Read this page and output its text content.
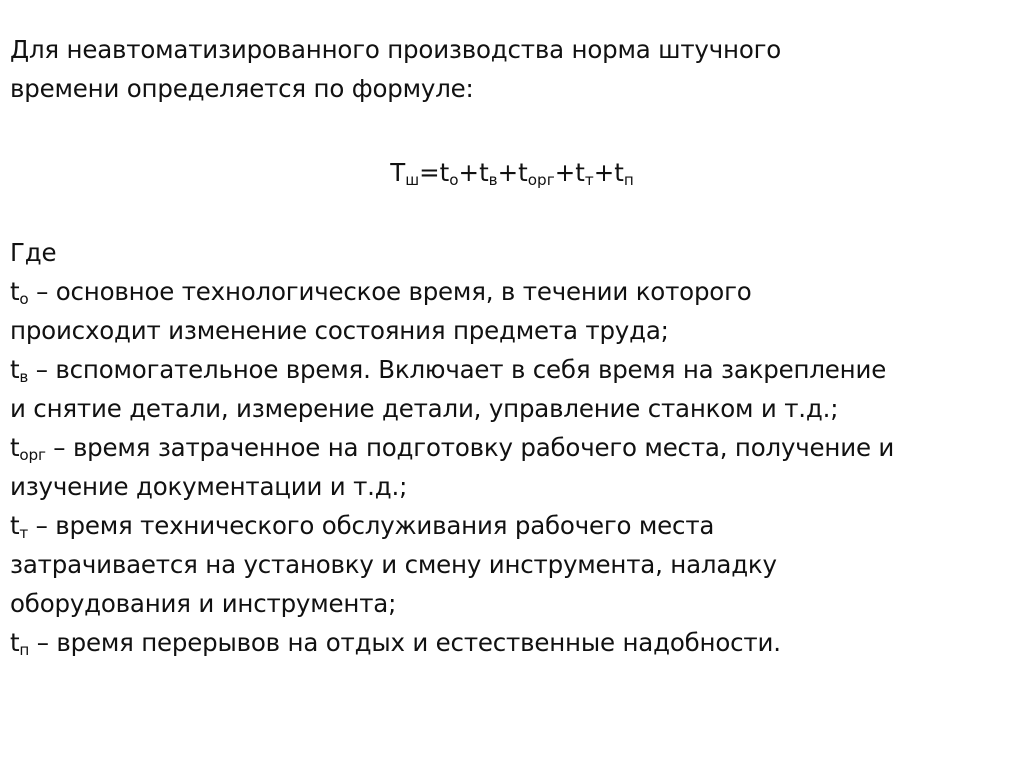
Для неавтоматизированного производства норма штучного
времени определяется по формуле:
$T_ш=t_о+t_в+t_{орг}+t_т+t_п$
Где
$t_о$ – основное технологическое время, в течении которого
происходит изменение состояния предмета труда;
$t_в$ – вспомогательное время. Включает в себя время на закрепление
и снятие детали, измерение детали, управление станком и т.д.;
$t_{орг}$ – время затраченное на подготовку рабочего места, получение и
изучение документации и т.д.;
$t_т$ – время технического обслуживания рабочего места
затрачивается на установку и смену инструмента, наладку
оборудования и инструмента;
$t_п$ – время перерывов на отдых и естественные надобности.
